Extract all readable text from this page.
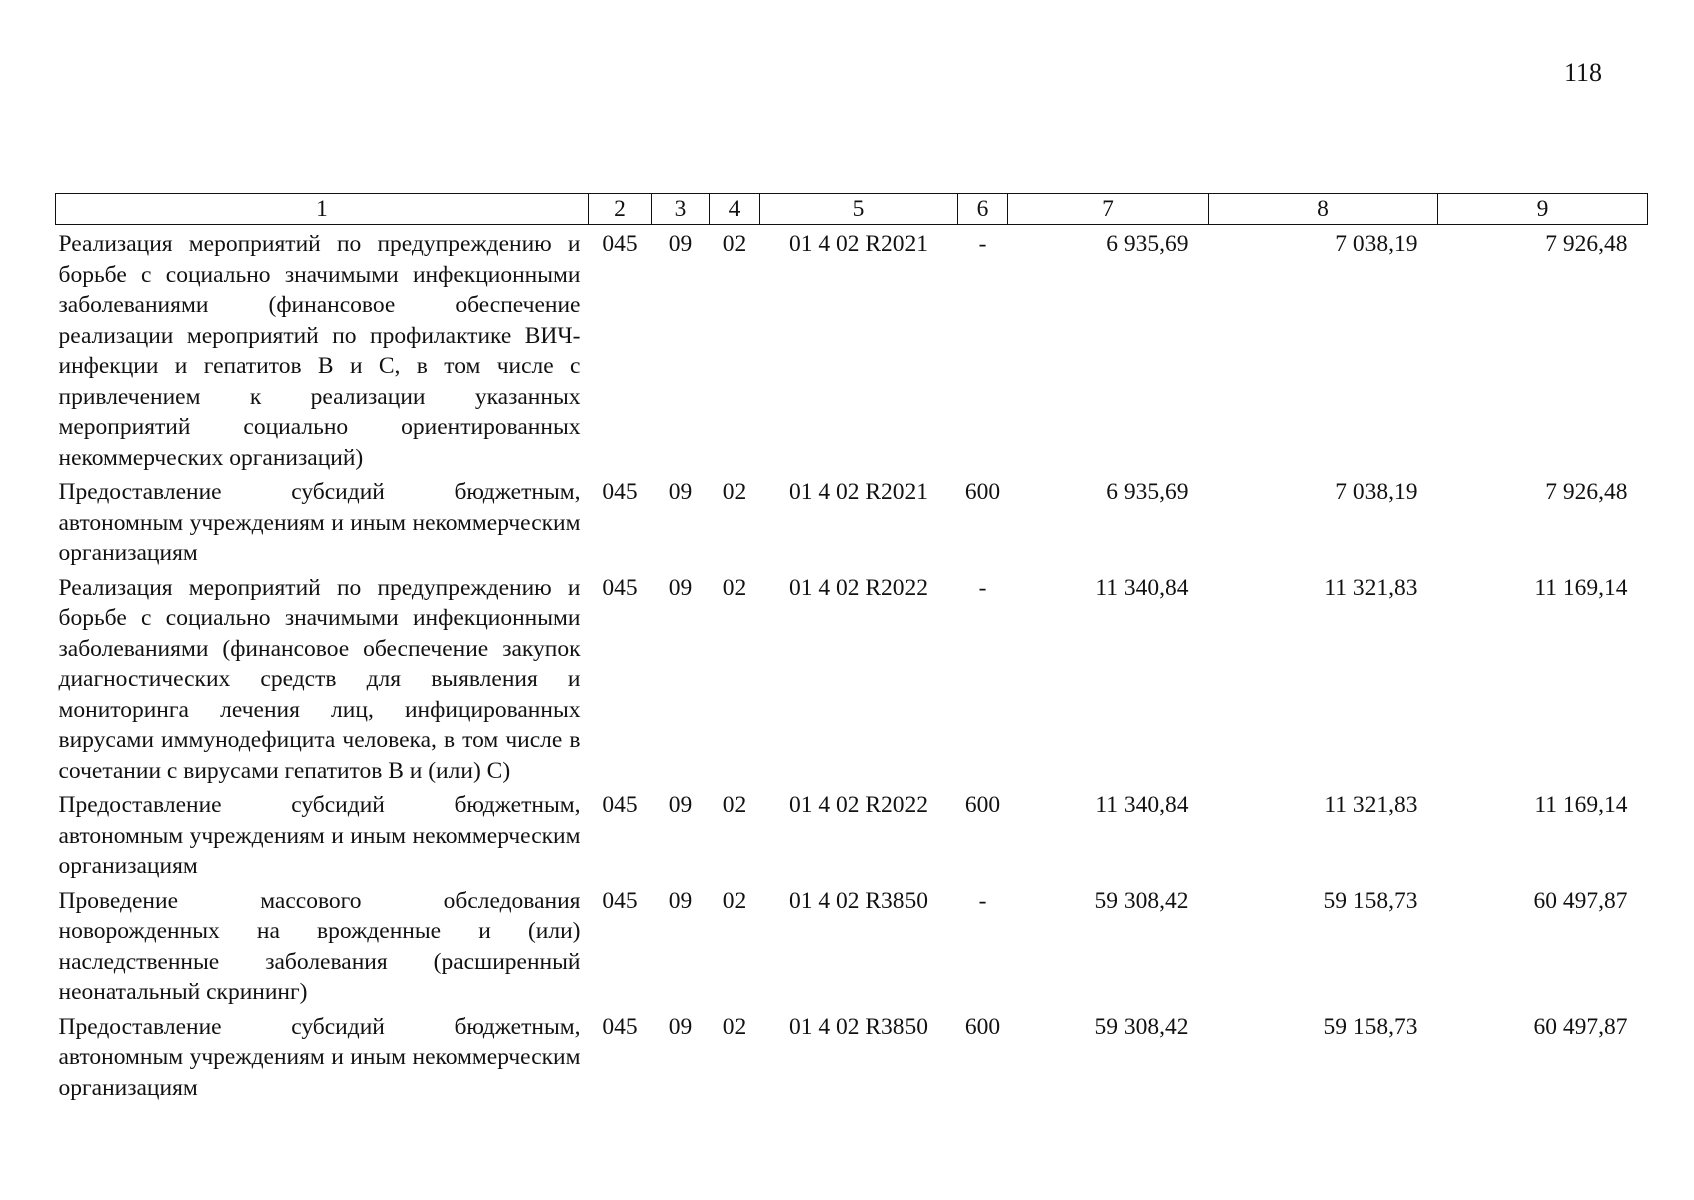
118
1	2	3	4	5	6	7	8	9
Реализация мероприятий по предупреждению и борьбе с социально значимыми инфекционными заболеваниями (финансовое обеспечение реализации мероприятий по профилактике ВИЧ-инфекции и гепатитов В и С, в том числе с привлечением к реализации указанных мероприятий социально ориентированных некоммерческих организаций)	045	09	02	01 4 02 R2021	-	6 935,69	7 038,19	7 926,48
Предоставление субсидий бюджетным, автономным учреждениям и иным некоммерческим организациям	045	09	02	01 4 02 R2021	600	6 935,69	7 038,19	7 926,48
Реализация мероприятий по предупреждению и борьбе с социально значимыми инфекционными заболеваниями (финансовое обеспечение закупок диагностических средств для выявления и мониторинга лечения лиц, инфицированных вирусами иммунодефицита человека, в том числе в сочетании с вирусами гепатитов В и (или) С)	045	09	02	01 4 02 R2022	-	11 340,84	11 321,83	11 169,14
Предоставление субсидий бюджетным, автономным учреждениям и иным некоммерческим организациям	045	09	02	01 4 02 R2022	600	11 340,84	11 321,83	11 169,14
Проведение массового обследования новорожденных на врожденные и (или) наследственные заболевания (расширенный неонатальный скрининг)	045	09	02	01 4 02 R3850	-	59 308,42	59 158,73	60 497,87
Предоставление субсидий бюджетным, автономным учреждениям и иным некоммерческим организациям	045	09	02	01 4 02 R3850	600	59 308,42	59 158,73	60 497,87
